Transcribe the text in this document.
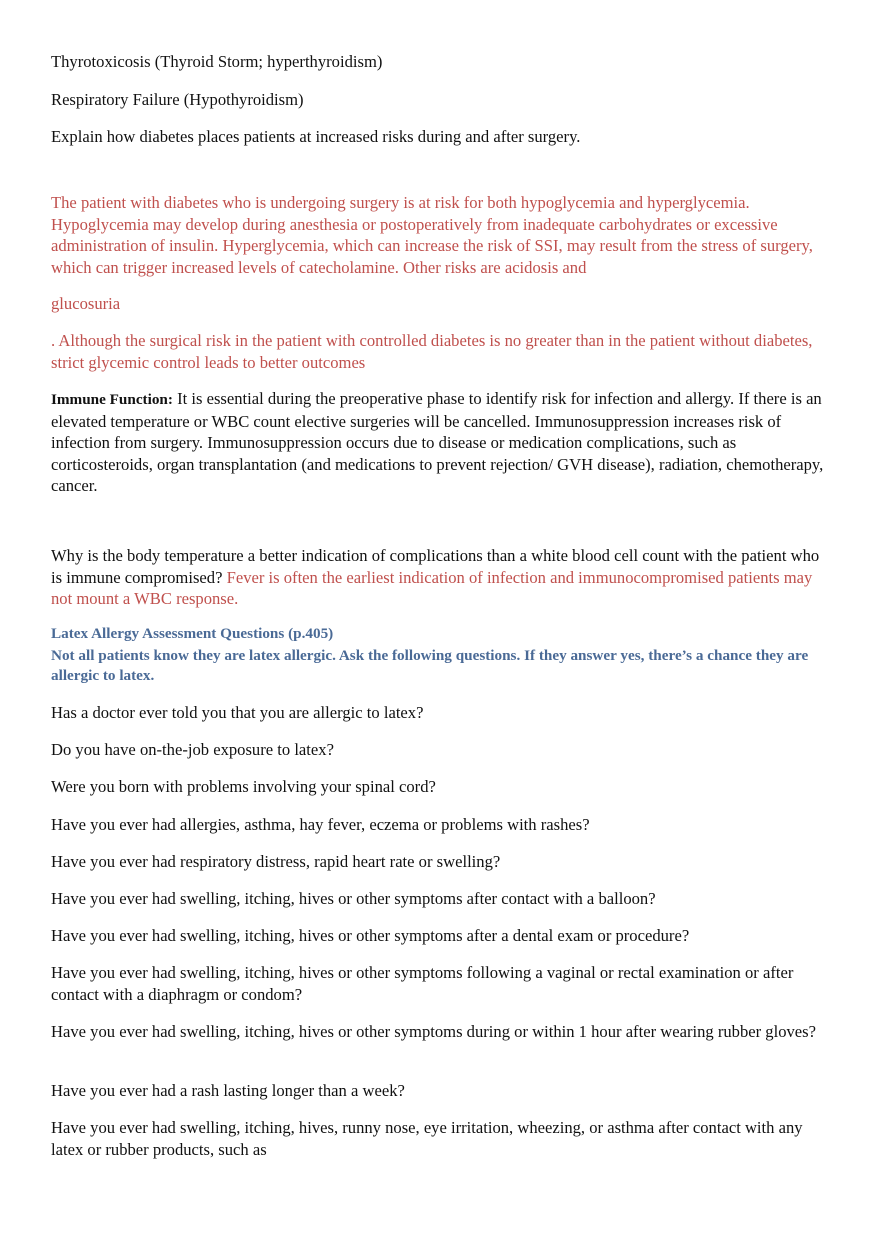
Thyrotoxicosis (Thyroid Storm; hyperthyroidism)

Respiratory Failure (Hypothyroidism)

Explain how diabetes places patients at increased risks during and after surgery.

The patient with diabetes who is undergoing surgery is at risk for both hypoglycemia and hyperglycemia. Hypoglycemia may develop during anesthesia or postoperatively from inadequate carbohydrates or excessive administration of insulin. Hyperglycemia, which can increase the risk of SSI, may result from the stress of surgery, which can trigger increased levels of catecholamine. Other risks are acidosis and

glucosuria

. Although the surgical risk in the patient with controlled diabetes is no greater than in the patient without diabetes, strict glycemic control leads to better outcomes

Immune Function: It is essential during the preoperative phase to identify risk for infection and allergy. If there is an elevated temperature or WBC count elective surgeries will be cancelled. Immunosuppression increases risk of infection from surgery. Immunosuppression occurs due to disease or medication complications, such as corticosteroids, organ transplantation (and medications to prevent rejection/ GVH disease), radiation, chemotherapy, cancer.

Why is the body temperature a better indication of complications than a white blood cell count with the patient who is immune compromised? Fever is often the earliest indication of infection and immunocompromised patients may not mount a WBC response.

Latex Allergy Assessment Questions (p.405)

Not all patients know they are latex allergic. Ask the following questions. If they answer yes, there’s a chance they are allergic to latex.

Has a doctor ever told you that you are allergic to latex?

Do you have on-the-job exposure to latex?

Were you born with problems involving your spinal cord?

Have you ever had allergies, asthma, hay fever, eczema or problems with rashes?

Have you ever had respiratory distress, rapid heart rate or swelling?

Have you ever had swelling, itching, hives or other symptoms after contact with a balloon?

Have you ever had swelling, itching, hives or other symptoms after a dental exam or procedure?

Have you ever had swelling, itching, hives or other symptoms following a vaginal or rectal examination or after contact with a diaphragm or condom?

Have you ever had swelling, itching, hives or other symptoms during or within 1 hour after wearing rubber gloves?

Have you ever had a rash lasting longer than a week?

Have you ever had swelling, itching, hives, runny nose, eye irritation, wheezing, or asthma after contact with any latex or rubber products, such as
